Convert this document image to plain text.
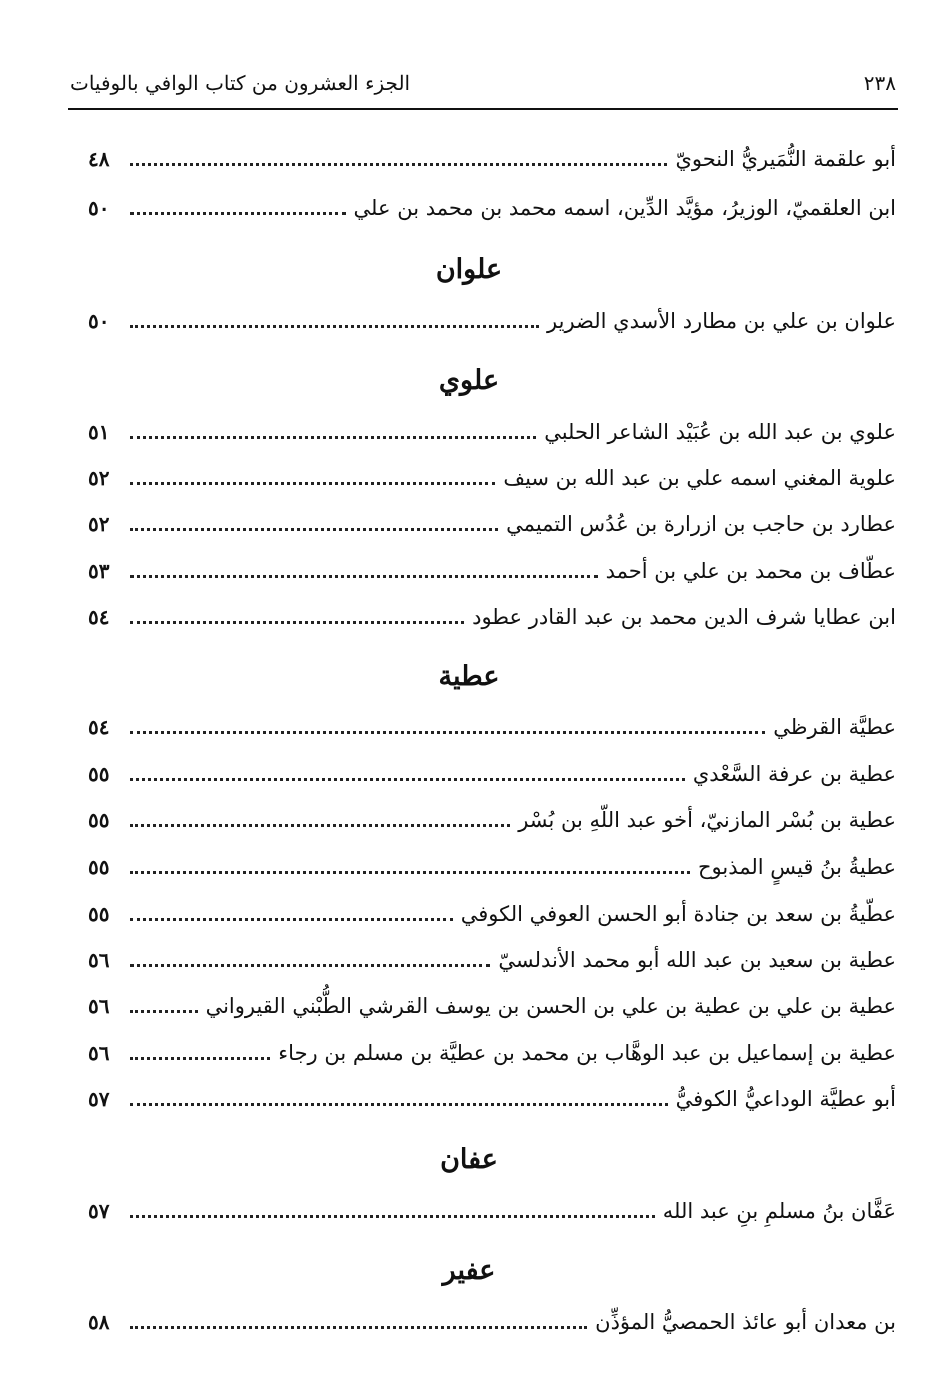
٢٣٨
الجزء العشرون من كتاب الوافي بالوفيات
أبو علقمة النُّمَيريُّ النحويّ
٤٨
ابن العلقميّ، الوزيرُ، مؤيَّد الدِّين، اسمه محمد بن محمد بن علي
٥٠
علوان
علوان بن علي بن مطارد الأسدي الضرير
٥٠
علوي
علوي بن عبد الله بن عُبَيْد الشاعر الحلبي
٥١
علوية المغني اسمه علي بن عبد الله بن سيف
٥٢
عطارد بن حاجب بن ازرارة بن عُدُس التميمي
٥٢
عطّاف بن محمد بن علي بن أحمد
٥٣
ابن عطايا شرف الدين محمد بن عبد القادر عطود
٥٤
عطية
عطيَّة القرظي
٥٤
عطية بن عرفة السَّعْدي
٥٥
عطية بن بُسْر المازنيّ، أخو عبد اللّهِ بن بُسْر
٥٥
عطيةُ بنُ قيسٍ المذبوح
٥٥
عطّيةُ بن سعد بن جنادة أبو الحسن العوفي الكوفي
٥٥
عطية بن سعيد بن عبد الله أبو محمد الأندلسيّ
٥٦
عطية بن علي بن عطية بن علي بن الحسن بن يوسف القرشي الطُّبْني القيرواني
٥٦
عطية بن إسماعيل بن عبد الوهَّاب بن محمد بن عطيَّة بن مسلم بن رجاء
٥٦
أبو عطيَّة الوداعيُّ الكوفيُّ
٥٧
عفان
عَفَّان بنُ مسلمِ بنِ عبد الله
٥٧
عفير
بن معدان أبو عائذ الحمصيُّ المؤذِّن
٥٨
